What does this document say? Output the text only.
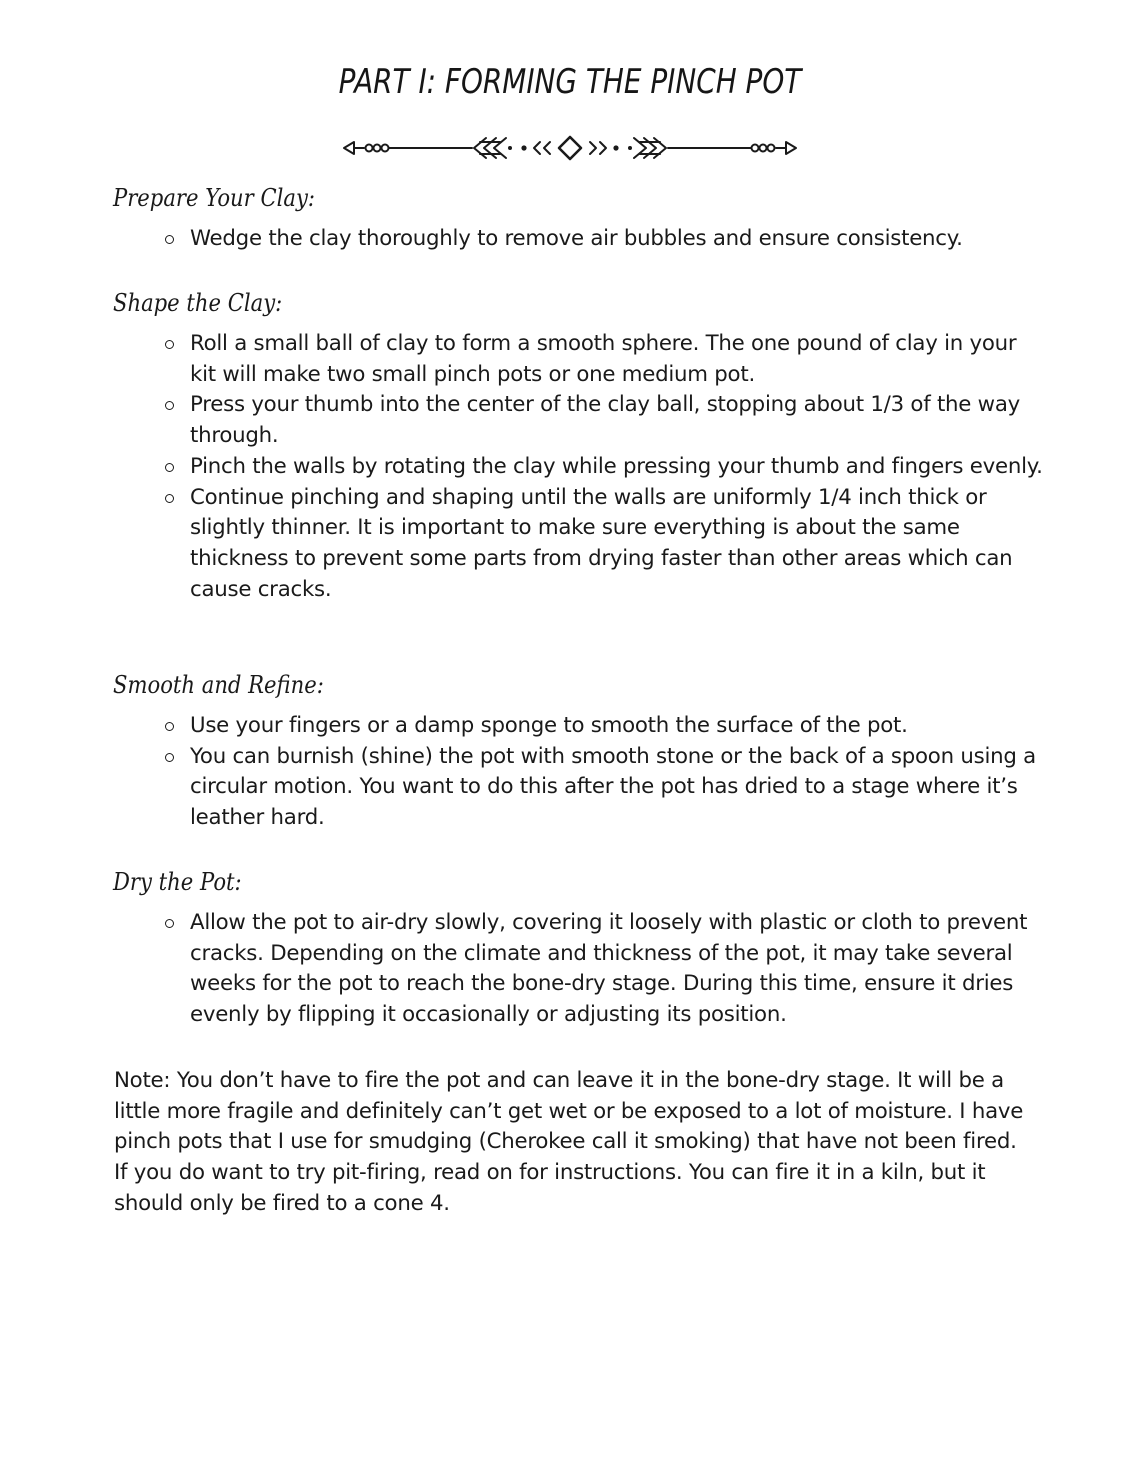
PART I: FORMING THE PINCH POT
Prepare Your Clay:
Wedge the clay thoroughly to remove air bubbles and ensure consistency.
Shape the Clay:
Roll a small ball of clay to form a smooth sphere. The one pound of clay in your kit will make two small pinch pots or one medium pot.
Press your thumb into the center of the clay ball, stopping about 1/3 of the way through.
Pinch the walls by rotating the clay while pressing your thumb and fingers evenly.
Continue pinching and shaping until the walls are uniformly 1/4 inch thick or slightly thinner. It is important to make sure everything is about the same thickness to prevent some parts from drying faster than other areas which can cause cracks.
Smooth and Refine:
Use your fingers or a damp sponge to smooth the surface of the pot.
You can burnish (shine) the pot with smooth stone or the back of a spoon using a circular motion. You want to do this after the pot has dried to a stage where it’s leather hard.
Dry the Pot:
Allow the pot to air-dry slowly, covering it loosely with plastic or cloth to prevent cracks. Depending on the climate and thickness of the pot, it may take several weeks for the pot to reach the bone-dry stage. During this time, ensure it dries evenly by flipping it occasionally or adjusting its position.

Note: You don’t have to fire the pot and can leave it in the bone-dry stage. It will be a little more fragile and definitely can’t get wet or be exposed to a lot of moisture. I have pinch pots that I use for smudging (Cherokee call it smoking) that have not been fired. If you do want to try pit-firing, read on for instructions. You can fire it in a kiln, but it should only be fired to a cone 4.
